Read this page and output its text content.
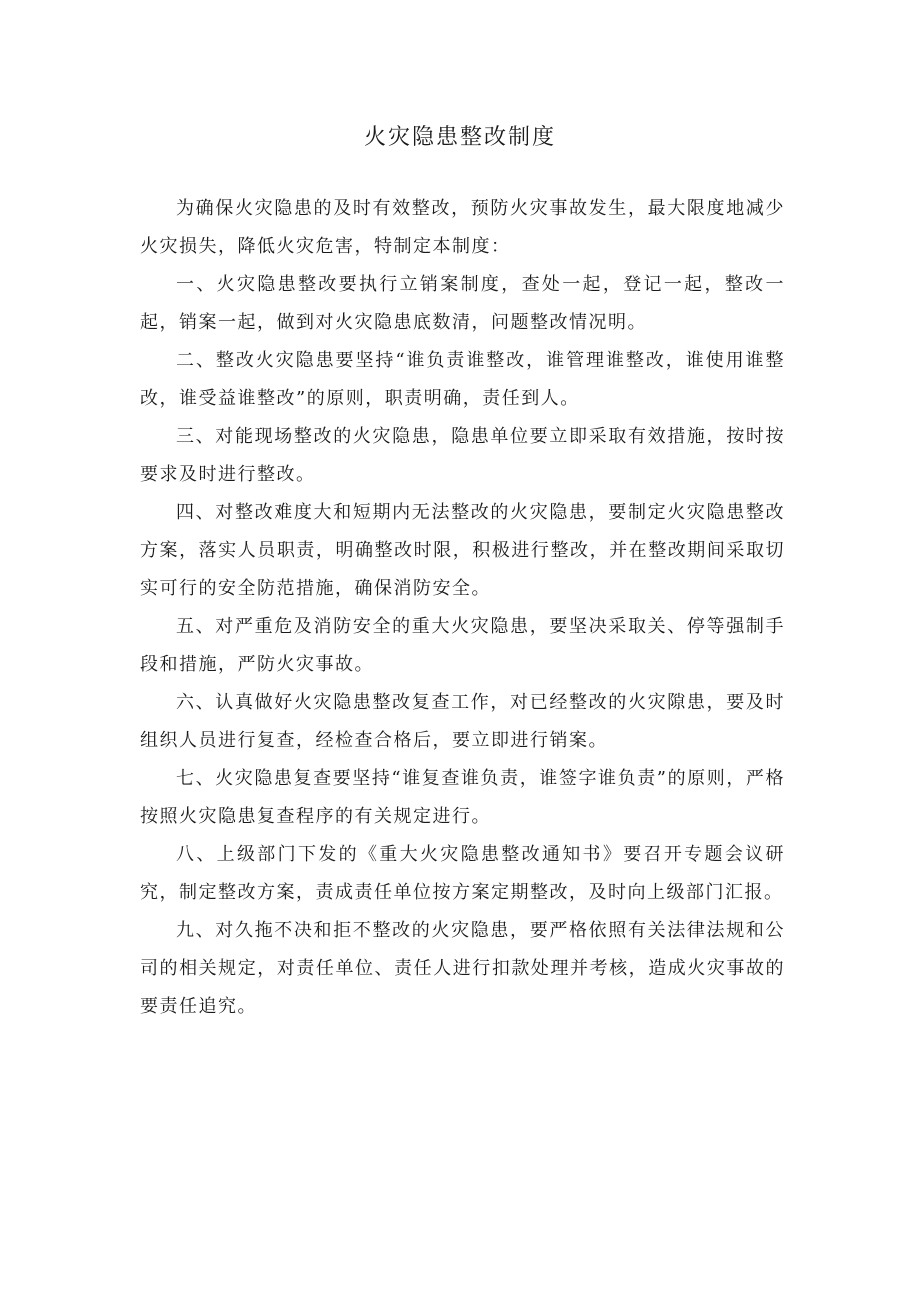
火灾隐患整改制度

为确保火灾隐患的及时有效整改，预防火灾事故发生，最大限度地减少火灾损失，降低火灾危害，特制定本制度：

一、火灾隐患整改要执行立销案制度，查处一起，登记一起，整改一起，销案一起，做到对火灾隐患底数清，问题整改情况明。

二、整改火灾隐患要坚持“谁负责谁整改，谁管理谁整改，谁使用谁整改，谁受益谁整改”的原则，职责明确，责任到人。

三、对能现场整改的火灾隐患，隐患单位要立即采取有效措施，按时按要求及时进行整改。

四、对整改难度大和短期内无法整改的火灾隐患，要制定火灾隐患整改方案，落实人员职责，明确整改时限，积极进行整改，并在整改期间采取切实可行的安全防范措施，确保消防安全。

五、对严重危及消防安全的重大火灾隐患，要坚决采取关、停等强制手段和措施，严防火灾事故。

六、认真做好火灾隐患整改复查工作，对已经整改的火灾隙患，要及时组织人员进行复查，经检查合格后，要立即进行销案。

七、火灾隐患复查要坚持“谁复查谁负责，谁签字谁负责”的原则，严格按照火灾隐患复查程序的有关规定进行。

八、上级部门下发的《重大火灾隐患整改通知书》要召开专题会议研究，制定整改方案，责成责任单位按方案定期整改，及时向上级部门汇报。

九、对久拖不决和拒不整改的火灾隐患，要严格依照有关法律法规和公司的相关规定，对责任单位、责任人进行扣款处理并考核，造成火灾事故的要责任追究。
